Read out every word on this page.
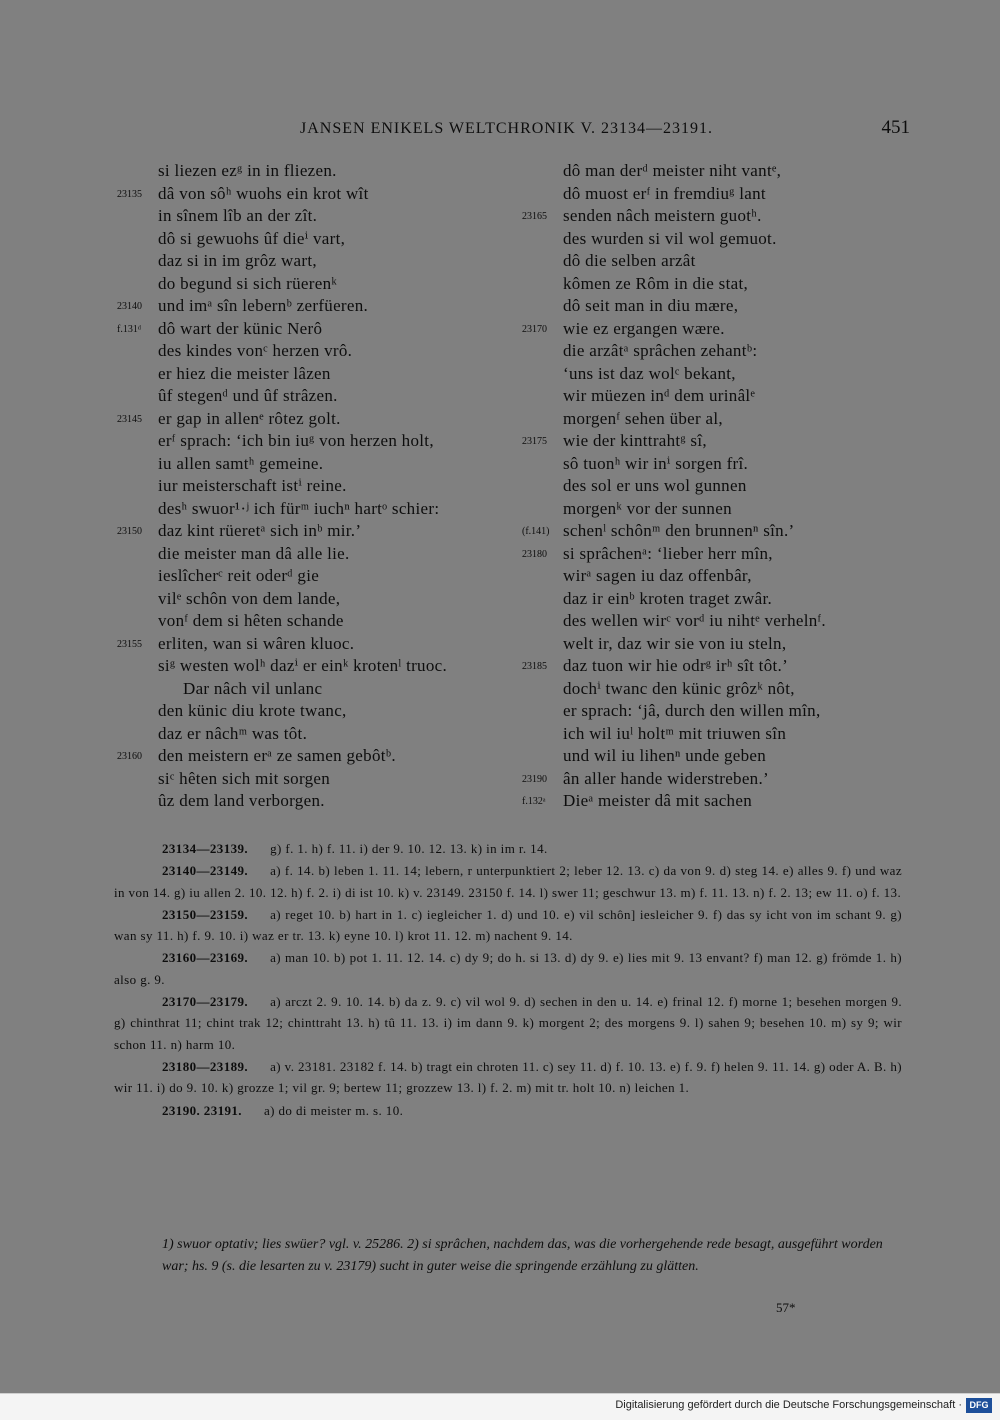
JANSEN ENIKELS WELTCHRONIK V. 23134—23191.	451
si liezen ezᵍ in in fliezen.
23135 dâ von sôʰ wuohs ein krot wît
in sînem lîb an der zît.
dô si gewuohs ûf dieⁱ vart,
daz si in im grôz wart,
do begund si sich rüerenᵏ
23140 und imᵃ sîn lebernᵇ zerfüeren.
f.131ᵈ dô wart der künic Nerô
des kindes vonᶜ herzen vrô.
er hiez die meister lâzen
ûf stegenᵈ und ûf strâzen.
23145 er gap in allenᵉ rôtez golt.
erᶠ sprach: ‘ich bin iuᵍ von herzen holt,
iu allen samtʰ gemeine.
iur meisterschaft istⁱ reine.
desʰ swuor¹·ʲ ich fürᵐ iuchⁿ hartᵒ schier:
23150 daz kint rüeretᵃ sich inᵇ mir.’
die meister man dâ alle lie.
ieslîcherᶜ reit oderᵈ gie
vilᵉ schôn von dem lande,
vonᶠ dem si hêten schande
23155 erliten, wan si wâren kluoc.
siᵍ westen wolʰ dazⁱ er einᵏ krotenˡ truoc.
Dar nâch vil unlanc
den künic diu krote twanc,
daz er nâchᵐ was tôt.
23160 den meistern erᵃ ze samen gebôtᵇ.
siᶜ hêten sich mit sorgen
ûz dem land verborgen.
dô man derᵈ meister niht vantᵉ,
dô muost erᶠ in fremdiuᵍ lant
23165 senden nâch meistern guotʰ.
des wurden si vil wol gemuot.
dô die selben arzât
kômen ze Rôm in die stat,
dô seit man in diu mære,
23170 wie ez ergangen wære.
die arzâtᵃ sprâchen zehantᵇ:
‘uns ist daz wolᶜ bekant,
wir müezen inᵈ dem urinâlᵉ
morgenᶠ sehen über al,
23175 wie der kinttrahtᵍ sî,
sô tuonʰ wir inⁱ sorgen frî.
des sol er uns wol gunnen
morgenᵏ vor der sunnen
(f.141) schenˡ schônᵐ den brunnenⁿ sîn.’
23180 si sprâchenᵃ: ‘lieber herr mîn,
wirᵃ sagen iu daz offenbâr,
daz ir einᵇ kroten traget zwâr.
des wellen wirᶜ vorᵈ iu nihtᵉ verhelnᶠ.
welt ir, daz wir sie von iu steln,
23185 daz tuon wir hie odrᵍ irʰ sît tôt.’
dochⁱ twanc den künic grôzᵏ nôt,
er sprach: ‘jâ, durch den willen mîn,
ich wil iuˡ holtᵐ mit triuwen sîn
und wil iu lihenⁿ unde geben
23190 ân aller hande widerstreben.’
f.132ᵃ Dieᵃ meister dâ mit sachen

23134—23139. g) f. 1. h) f. 11. i) der 9. 10. 12. 13. k) in im r. 14.

23140—23149. a) f. 14. b) leben 1. 11. 14; lebern, r unterpunktiert 2; leber 12. 13. c) da von 9. d) steg 14. e) alles 9. f) und waz in von 14. g) iu allen 2. 10. 12. h) f. 2. i) di ist 10. k) v. 23149. 23150 f. 14. l) swer 11; geschwur 13. m) f. 11. 13. n) f. 2. 13; ew 11. o) f. 13.

23150—23159. a) reget 10. b) hart in 1. c) iegleicher 1. d) und 10. e) vil schôn] iesleicher 9. f) das sy icht von im schant 9. g) wan sy 11. h) f. 9. 10. i) waz er tr. 13. k) eyne 10. l) krot 11. 12. m) nachent 9. 14.

23160—23169. a) man 10. b) pot 1. 11. 12. 14. c) dy 9; do h. si 13. d) dy 9. e) lies mit 9. 13 envant? f) man 12. g) frömde 1. h) also g. 9.

23170—23179. a) arczt 2. 9. 10. 14. b) da z. 9. c) vil wol 9. d) sechen in den u. 14. e) frinal 12. f) morne 1; besehen morgen 9. g) chinthrat 11; chint trak 12; chinttraht 13. h) tû 11. 13. i) im dann 9. k) morgent 2; des morgens 9. l) sahen 9; besehen 10. m) sy 9; wir schon 11. n) harm 10.

23180—23189. a) v. 23181. 23182 f. 14. b) tragt ein chroten 11. c) sey 11. d) f. 10. 13. e) f. 9. f) helen 9. 11. 14. g) oder A. B. h) wir 11. i) do 9. 10. k) grozze 1; vil gr. 9; bertew 11; grozzew 13. l) f. 2. m) mit tr. holt 10. n) leichen 1.

23190. 23191. a) do di meister m. s. 10.

1) swuor optativ; lies swüer? vgl. v. 25286. 2) si sprâchen, nachdem das, was die vorhergehende rede besagt, ausgeführt worden war; hs. 9 (s. die lesarten zu v. 23179) sucht in guter weise die springende erzählung zu glätten.

57*
Digitalisierung gefördert durch die Deutsche Forschungsgemeinschaft · DFG
